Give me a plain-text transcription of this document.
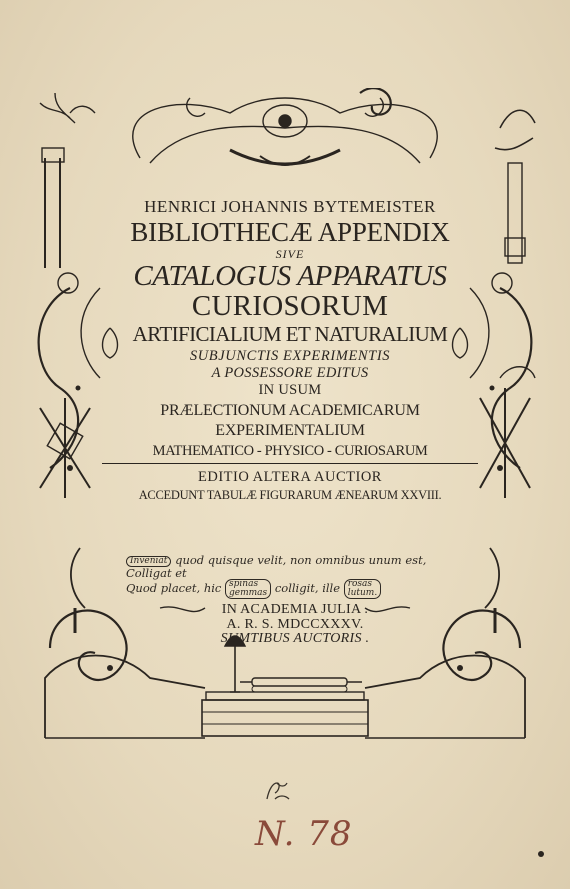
HENRICI JOHANNIS BYTEMEISTER
BIBLIOTHECÆ APPENDIX
SIVE
CATALOGUS APPARATUS
CURIOSORUM
ARTIFICIALIUM ET NATURALIUM
SUBJUNCTIS EXPERIMENTIS
A POSSESSORE EDITUS
IN USUM
PRÆLECTIONUM ACADEMICARUM
EXPERIMENTALIUM
MATHEMATICO - PHYSICO - CURIOSARUM
EDITIO ALTERA AUCTIOR
ACCEDUNT TABULÆ FIGURARUM ÆNEARUM XXVIII.
Inveniat quod quisque velit, non omnibus unum est,
Colligat et
Quod placet, hic spinas
gemmas colligit, ille rosas
lutum.
IN ACADEMIA JULIA .
A. R. S. MDCCXXXV.
SUMTIBUS AUCTORIS .
N. 78
